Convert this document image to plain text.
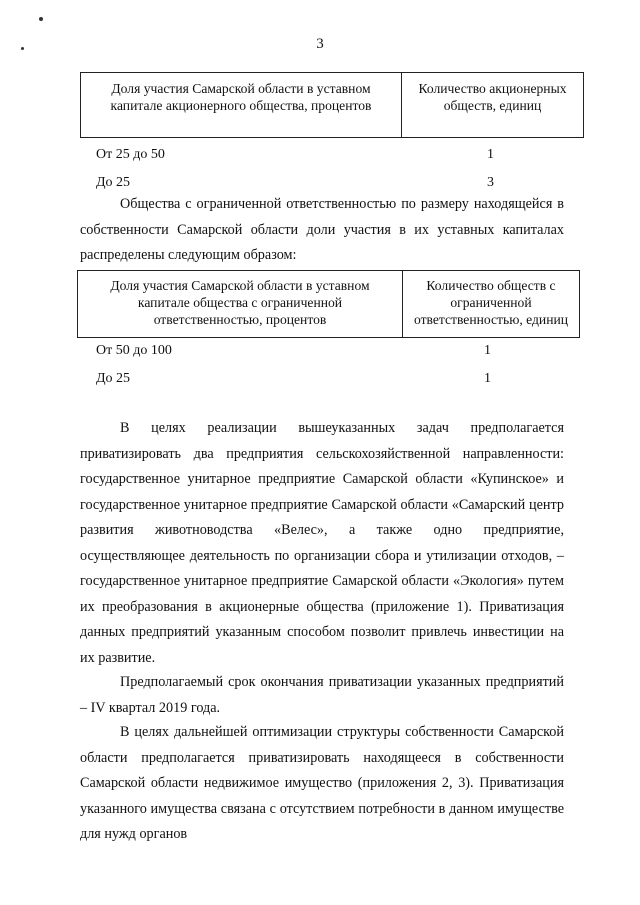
3
Доля участия Самарской области в уставном капитале акционерного общества, процентов	Количество акционерных обществ, единиц
От 25 до 50	1
До 25	3
Общества с ограниченной ответственностью по размеру находящейся в собственности Самарской области доли участия в их уставных капиталах распределены следующим образом:
Доля участия Самарской области в уставном капитале общества с ограниченной ответственностью, процентов	Количество обществ с ограниченной ответственностью, единиц
От 50 до 100	1
До 25	1
В целях реализации вышеуказанных задач предполагается приватизировать два предприятия сельскохозяйственной направленности: государственное унитарное предприятие Самарской области «Купинское» и государственное унитарное предприятие Самарской области «Самарский центр развития животноводства «Велес», а также одно предприятие, осуществляющее деятельность по организации сбора и утилизации отходов, – государственное унитарное предприятие Самарской области «Экология» путем их преобразования в акционерные общества (приложение 1). Приватизация данных предприятий указанным способом позволит привлечь инвестиции на их развитие.
Предполагаемый срок окончания приватизации указанных предприятий – IV квартал 2019 года.
В целях дальнейшей оптимизации структуры собственности Самарской области предполагается приватизировать находящееся в собственности Самарской области недвижимое имущество (приложения 2, 3). Приватизация указанного имущества связана с отсутствием потребности в данном имуществе для нужд органов
